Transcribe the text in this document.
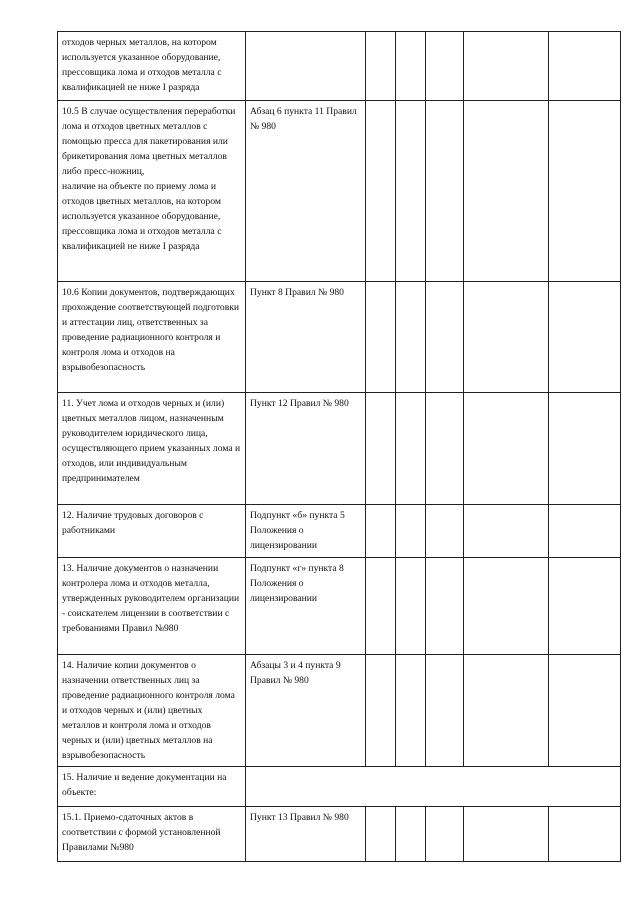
отходов черных металлов, на котором используется указанное оборудование, прессовщика лома и отходов металла с квалификацией не ниже I разряда						
10.5 В случае осуществления переработки лома и отходов цветных металлов с помощью пресса для пакетирования или брикетирования лома цветных металлов либо пресс-ножниц,
наличие на объекте по приему лома и отходов цветных металлов, на котором используется указанное оборудование, прессовщика лома и отходов металла с квалификацией не ниже I разряда	Абзац 6 пункта 11 Правил № 980					
10.6 Копии документов, подтверждающих прохождение соответствующей подготовки и аттестации лиц, ответственных за проведение радиационного контроля и контроля лома и отходов на взрывобезопасность	Пункт 8 Правил № 980					
11. Учет лома и отходов черных и (или) цветных металлов лицом, назначенным руководителем юридического лица,
осуществляющего прием указанных лома и отходов, или индивидуальным предпринимателем	Пункт 12 Правил № 980					
12. Наличие трудовых договоров с работниками	Подпункт «б» пункта 5 Положения о лицензировании					
13. Наличие документов о назначении контролера лома и отходов металла, утвержденных руководителем организации - соискателем лицензии в соответствии с требованиями Правил №980	Подпункт «г» пункта 8 Положения о лицензировании					
14. Наличие копии документов о назначении ответственных лиц за проведение радиационного контроля лома и отходов черных и (или) цветных металлов и контроля лома и отходов черных и (или) цветных металлов на взрывобезопасность	Абзацы 3 и 4 пункта 9 Правил № 980					
15. Наличие и ведение документации на объекте:						
15.1. Приемо-сдаточных актов в соответствии с формой установленной Правилами №980	Пункт 13 Правил № 980					
